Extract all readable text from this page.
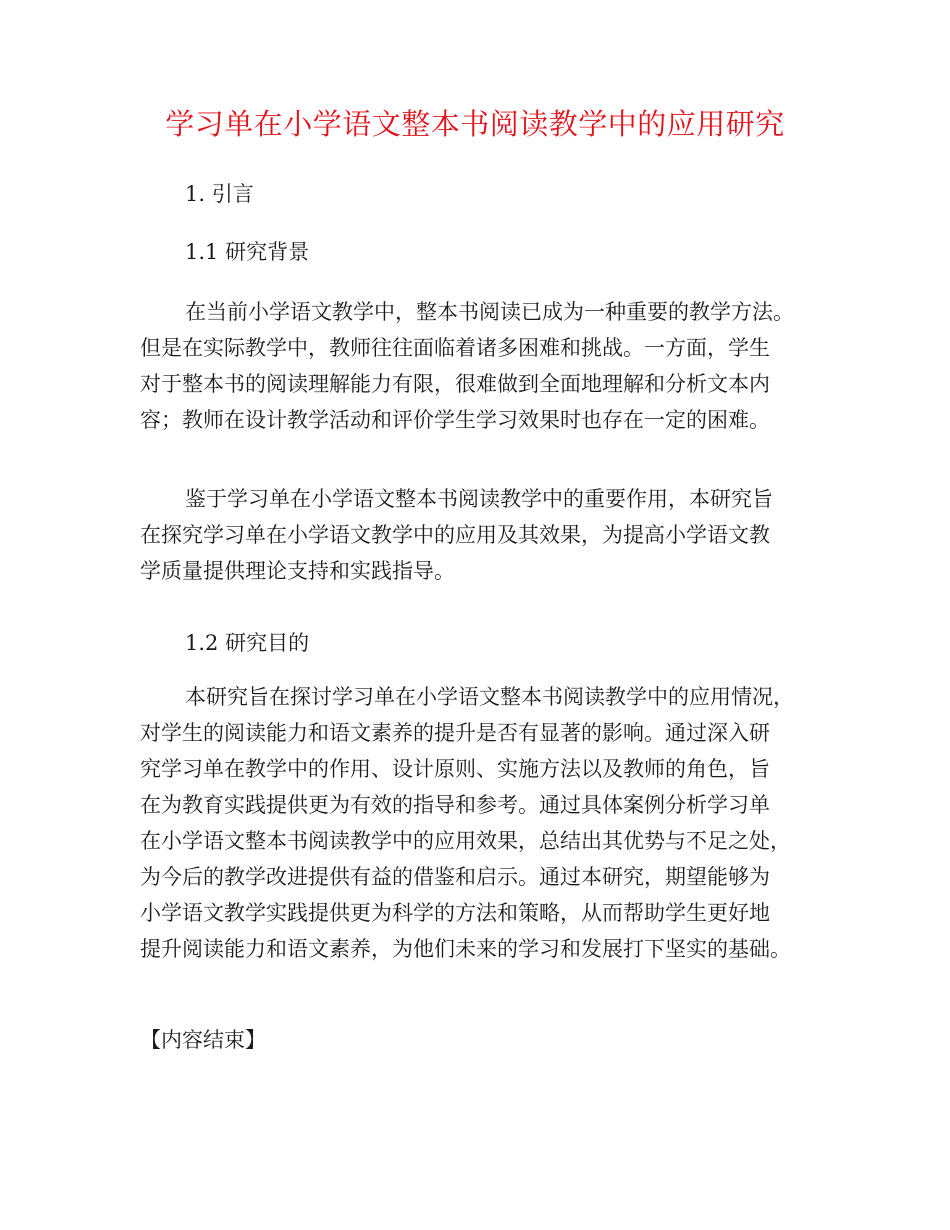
学习单在小学语文整本书阅读教学中的应用研究
1. 引言
1.1 研究背景
在当前小学语文教学中，整本书阅读已成为一种重要的教学方法。
但是在实际教学中，教师往往面临着诸多困难和挑战。一方面，学生
对于整本书的阅读理解能力有限，很难做到全面地理解和分析文本内
容；教师在设计教学活动和评价学生学习效果时也存在一定的困难。
鉴于学习单在小学语文整本书阅读教学中的重要作用，本研究旨
在探究学习单在小学语文教学中的应用及其效果，为提高小学语文教
学质量提供理论支持和实践指导。
1.2 研究目的
本研究旨在探讨学习单在小学语文整本书阅读教学中的应用情况，
对学生的阅读能力和语文素养的提升是否有显著的影响。通过深入研
究学习单在教学中的作用、设计原则、实施方法以及教师的角色，旨
在为教育实践提供更为有效的指导和参考。通过具体案例分析学习单
在小学语文整本书阅读教学中的应用效果，总结出其优势与不足之处，
为今后的教学改进提供有益的借鉴和启示。通过本研究，期望能够为
小学语文教学实践提供更为科学的方法和策略，从而帮助学生更好地
提升阅读能力和语文素养，为他们未来的学习和发展打下坚实的基础。
【内容结束】
